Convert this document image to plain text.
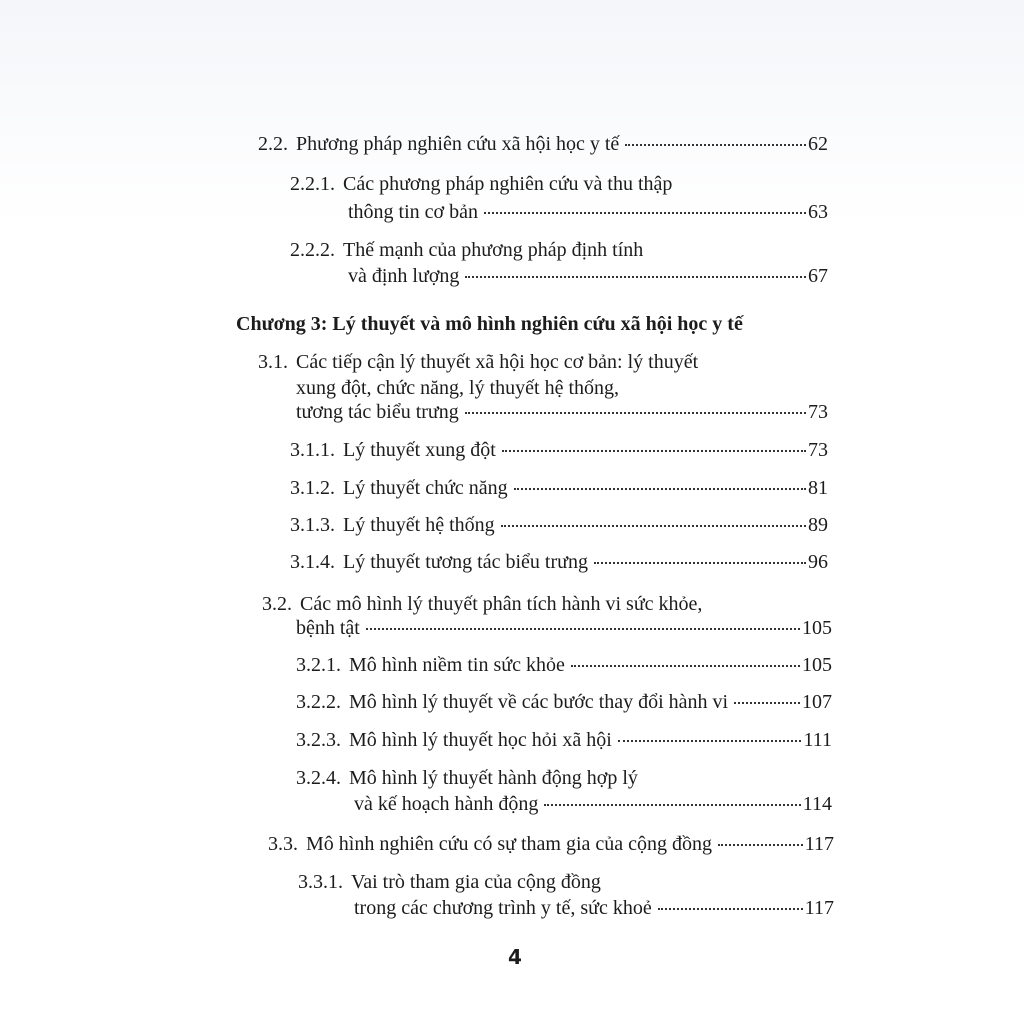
2.2. Phương pháp nghiên cứu xã hội học y tế	62
2.2.1. Các phương pháp nghiên cứu và thu thập
thông tin cơ bản	63
2.2.2. Thế mạnh của phương pháp định tính
và định lượng	67
Chương 3: Lý thuyết và mô hình nghiên cứu xã hội học y tế
3.1. Các tiếp cận lý thuyết xã hội học cơ bản: lý thuyết
xung đột, chức năng, lý thuyết hệ thống,
tương tác biểu trưng	73
3.1.1. Lý thuyết xung đột	73
3.1.2. Lý thuyết chức năng	81
3.1.3. Lý thuyết hệ thống	89
3.1.4. Lý thuyết tương tác biểu trưng	96
3.2. Các mô hình lý thuyết phân tích hành vi sức khỏe,
bệnh tật	105
3.2.1. Mô hình niềm tin sức khỏe	105
3.2.2. Mô hình lý thuyết về các bước thay đổi hành vi	107
3.2.3. Mô hình lý thuyết học hỏi xã hội	111
3.2.4. Mô hình lý thuyết hành động hợp lý
và kế hoạch hành động	114
3.3. Mô hình nghiên cứu có sự tham gia của cộng đồng	117
3.3.1. Vai trò tham gia của cộng đồng
trong các chương trình y tế, sức khoẻ	117
4
